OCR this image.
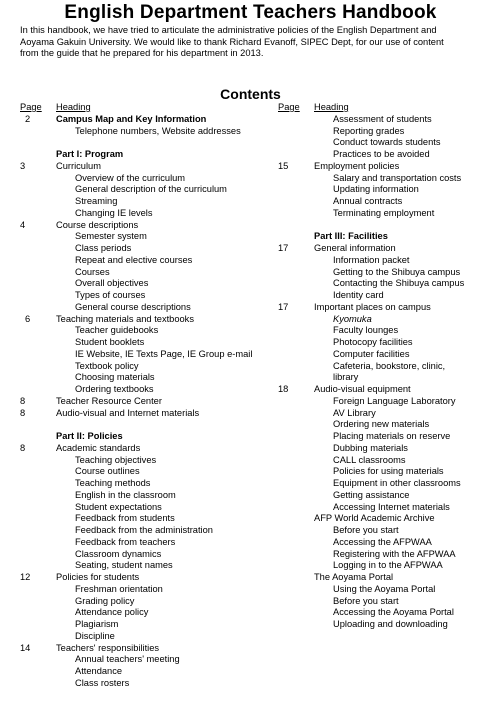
English Department Teachers Handbook
In this handbook, we have tried to articulate the administrative policies of the English Department and
Aoyama Gakuin University. We would like to thank Richard Evanoff, SIPEC Dept, for our use of content
from the guide that he prepared for his department in 2013.
Contents
Page Heading
2	Campus Map and Key Information
Telephone numbers, Website addresses
Part I: Program
3	Curriculum
Overview of the curriculum
General description of the curriculum
Streaming
Changing IE levels
4	Course descriptions
Semester system
Class periods
Repeat and elective courses
Courses
Overall objectives
Types of courses
General course descriptions
6	Teaching materials and textbooks
Teacher guidebooks
Student booklets
IE Website, IE Texts Page, IE Group e-mail
Textbook policy
Choosing materials
Ordering textbooks
8	Teacher Resource Center
8	Audio-visual and Internet materials
Part II: Policies
8	Academic standards
Teaching objectives
Course outlines
Teaching methods
English in the classroom
Student expectations
Feedback from students
Feedback from the administration
Feedback from teachers
Classroom dynamics
Seating, student names
12	Policies for students
Freshman orientation
Grading policy
Attendance policy
Plagiarism
Discipline
14	Teachers' responsibilities
Annual teachers' meeting
Attendance
Class rosters
Page Heading
Assessment of students
Reporting grades
Conduct towards students
Practices to be avoided
15	Employment policies
Salary and transportation costs
Updating information
Annual contracts
Terminating employment
Part III: Facilities
17	General information
Information packet
Getting to the Shibuya campus
Contacting the Shibuya campus
Identity card
17	Important places on campus
Kyomuka
Faculty lounges
Photocopy facilities
Computer facilities
Cafeteria, bookstore, clinic,
library
18	Audio-visual equipment
Foreign Language Laboratory
AV Library
Ordering new materials
Placing materials on reserve
Dubbing materials
CALL classrooms
Policies for using materials
Equipment in other classrooms
Getting assistance
Accessing Internet materials
AFP World Academic Archive
Before you start
Accessing the AFPWAA
Registering with the AFPWAA
Logging in to the AFPWAA
The Aoyama Portal
Using the Aoyama Portal
Before you start
Accessing the Aoyama Portal
Uploading and downloading
